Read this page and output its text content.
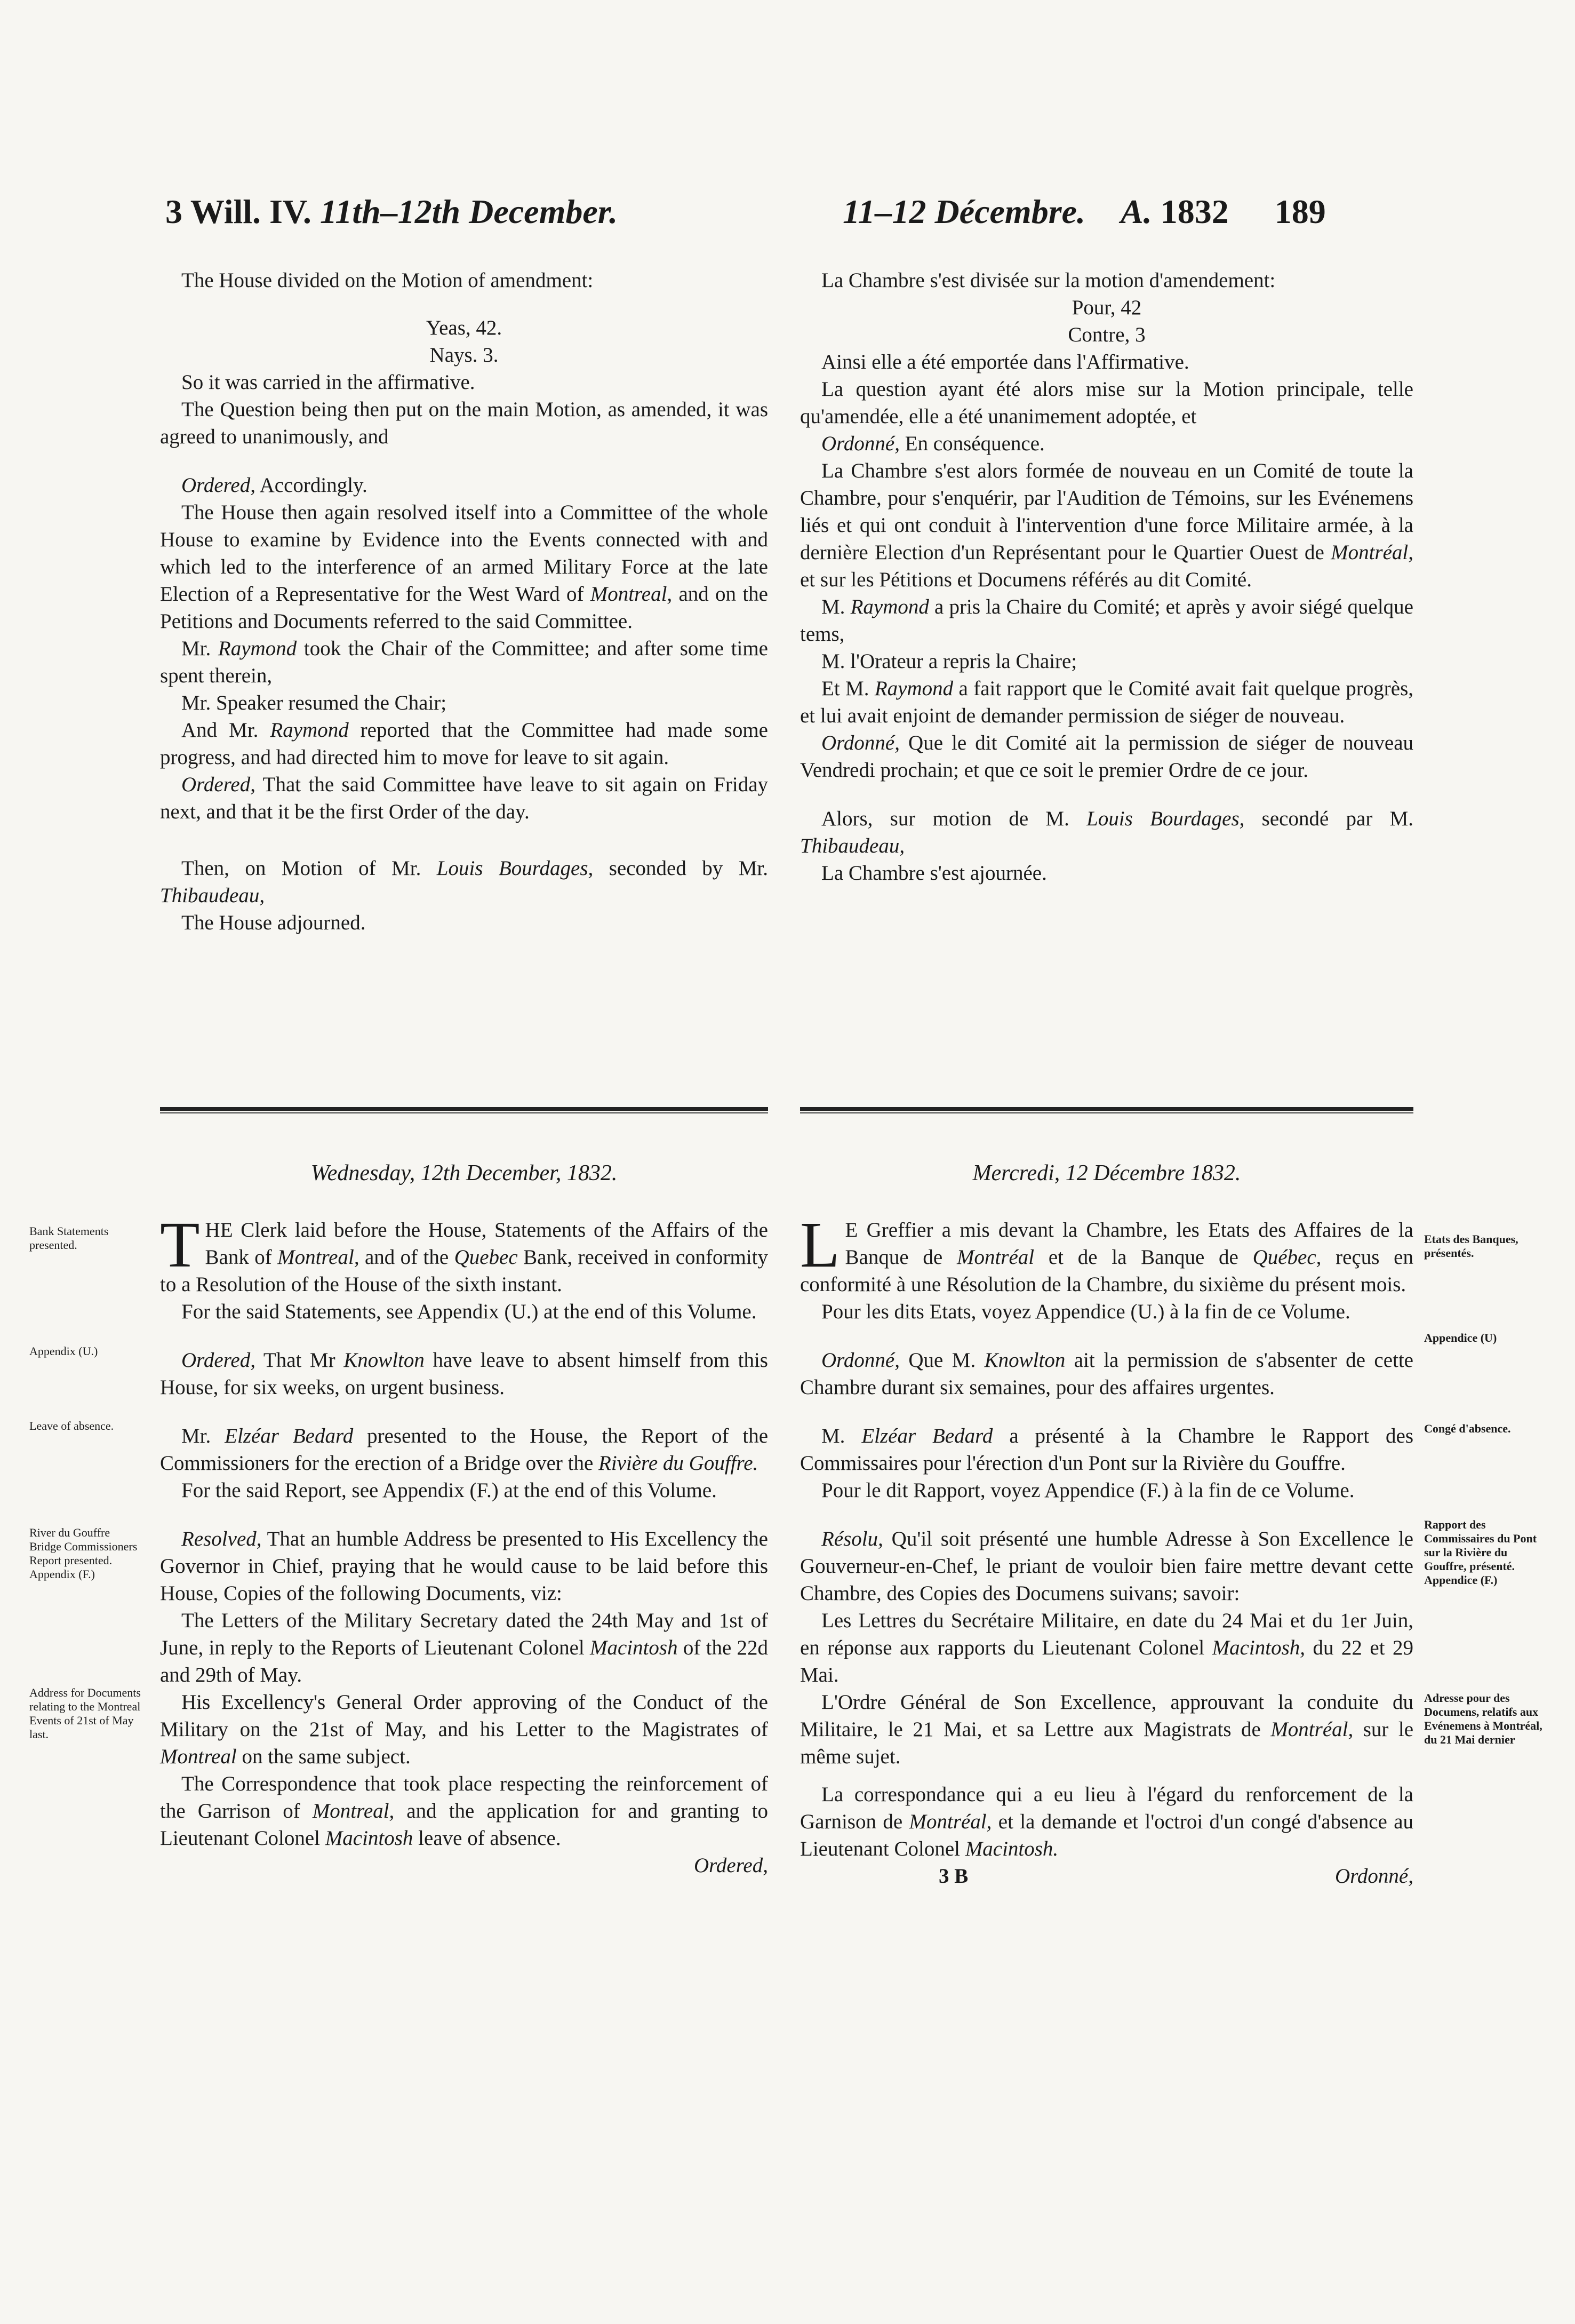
3 Will. IV. 11th–12th December.	11–12 Décembre. A. 1832 189

The House divided on the Motion of amendment:

Yeas, 42.

Nays. 3.

So it was carried in the affirmative.

The Question being then put on the main Motion, as amended, it was agreed to unanimously, and

Ordered, Accordingly.

The House then again resolved itself into a Committee of the whole House to examine by Evidence into the Events connected with and which led to the interference of an armed Military Force at the late Election of a Representative for the West Ward of Montreal, and on the Petitions and Documents referred to the said Committee.

Mr. Raymond took the Chair of the Committee; and after some time spent therein,

Mr. Speaker resumed the Chair;

And Mr. Raymond reported that the Committee had made some progress, and had directed him to move for leave to sit again.

Ordered, That the said Committee have leave to sit again on Friday next, and that it be the first Order of the day.

Then, on Motion of Mr. Louis Bourdages, seconded by Mr. Thibaudeau,

The House adjourned.

La Chambre s'est divisée sur la motion d'amendement:

Pour, 42

Contre, 3

Ainsi elle a été emportée dans l'Affirmative.

La question ayant été alors mise sur la Motion principale, telle qu'amendée, elle a été unanimement adoptée, et

Ordonné, En conséquence.

La Chambre s'est alors formée de nouveau en un Comité de toute la Chambre, pour s'enquérir, par l'Audition de Témoins, sur les Evénemens liés et qui ont conduit à l'intervention d'une force Militaire armée, à la dernière Election d'un Représentant pour le Quartier Ouest de Montréal, et sur les Pétitions et Documens référés au dit Comité.

M. Raymond a pris la Chaire du Comité; et après y avoir siégé quelque tems,

M. l'Orateur a repris la Chaire;

Et M. Raymond a fait rapport que le Comité avait fait quelque progrès, et lui avait enjoint de demander permission de siéger de nouveau.

Ordonné, Que le dit Comité ait la permission de siéger de nouveau Vendredi prochain; et que ce soit le premier Ordre de ce jour.

Alors, sur motion de M. Louis Bourdages, secondé par M. Thibaudeau,

La Chambre s'est ajournée.

Wednesday, 12th December, 1832.	Mercredi, 12 Décembre 1832.
Bank Statements presented.
Appendix (U.)
Leave of absence.
River du Gouffre Bridge Commissioners Report presented. Appendix (F.)
Address for Documents relating to the Montreal Events of 21st of May last.
Etats des Banques, présentés.
Appendice (U)
Congé d'absence.
Rapport des Commissaires du Pont sur la Rivière du Gouffre, présenté. Appendice (F.)
Adresse pour des Documens, relatifs aux Evénemens à Montréal, du 21 Mai dernier

THE Clerk laid before the House, Statements of the Affairs of the Bank of Montreal, and of the Quebec Bank, received in conformity to a Resolution of the House of the sixth instant.

For the said Statements, see Appendix (U.) at the end of this Volume.

Ordered, That Mr Knowlton have leave to absent himself from this House, for six weeks, on urgent business.

Mr. Elzéar Bedard presented to the House, the Report of the Commissioners for the erection of a Bridge over the Rivière du Gouffre.

For the said Report, see Appendix (F.) at the end of this Volume.

Resolved, That an humble Address be presented to His Excellency the Governor in Chief, praying that he would cause to be laid before this House, Copies of the following Documents, viz:

The Letters of the Military Secretary dated the 24th May and 1st of June, in reply to the Reports of Lieutenant Colonel Macintosh of the 22d and 29th of May.

His Excellency's General Order approving of the Conduct of the Military on the 21st of May, and his Letter to the Magistrates of Montreal on the same subject.

The Correspondence that took place respecting the reinforcement of the Garrison of Montreal, and the application for and granting to Lieutenant Colonel Macintosh leave of absence.

Ordered,

L E Greffier a mis devant la Chambre, les Etats des Affaires de la Banque de Montréal et de la Banque de Québec, reçus en conformité à une Résolution de la Chambre, du sixième du présent mois.

Pour les dits Etats, voyez Appendice (U.) à la fin de ce Volume.

Ordonné, Que M. Knowlton ait la permission de s'absenter de cette Chambre durant six semaines, pour des affaires urgentes.

M. Elzéar Bedard a présenté à la Chambre le Rapport des Commissaires pour l'érection d'un Pont sur la Rivière du Gouffre.

Pour le dit Rapport, voyez Appendice (F.) à la fin de ce Volume.

Résolu, Qu'il soit présenté une humble Adresse à Son Excellence le Gouverneur-en-Chef, le priant de vouloir bien faire mettre devant cette Chambre, des Copies des Documens suivans; savoir:

Les Lettres du Secrétaire Militaire, en date du 24 Mai et du 1er Juin, en réponse aux rapports du Lieutenant Colonel Macintosh, du 22 et 29 Mai.

L'Ordre Général de Son Excellence, approuvant la conduite du Militaire, le 21 Mai, et sa Lettre aux Magistrats de Montréal, sur le même sujet.

La correspondance qui a eu lieu à l'égard du renforcement de la Garnison de Montréal, et la demande et l'octroi d'un congé d'absence au Lieutenant Colonel Macintosh.

3 B	Ordonné,
